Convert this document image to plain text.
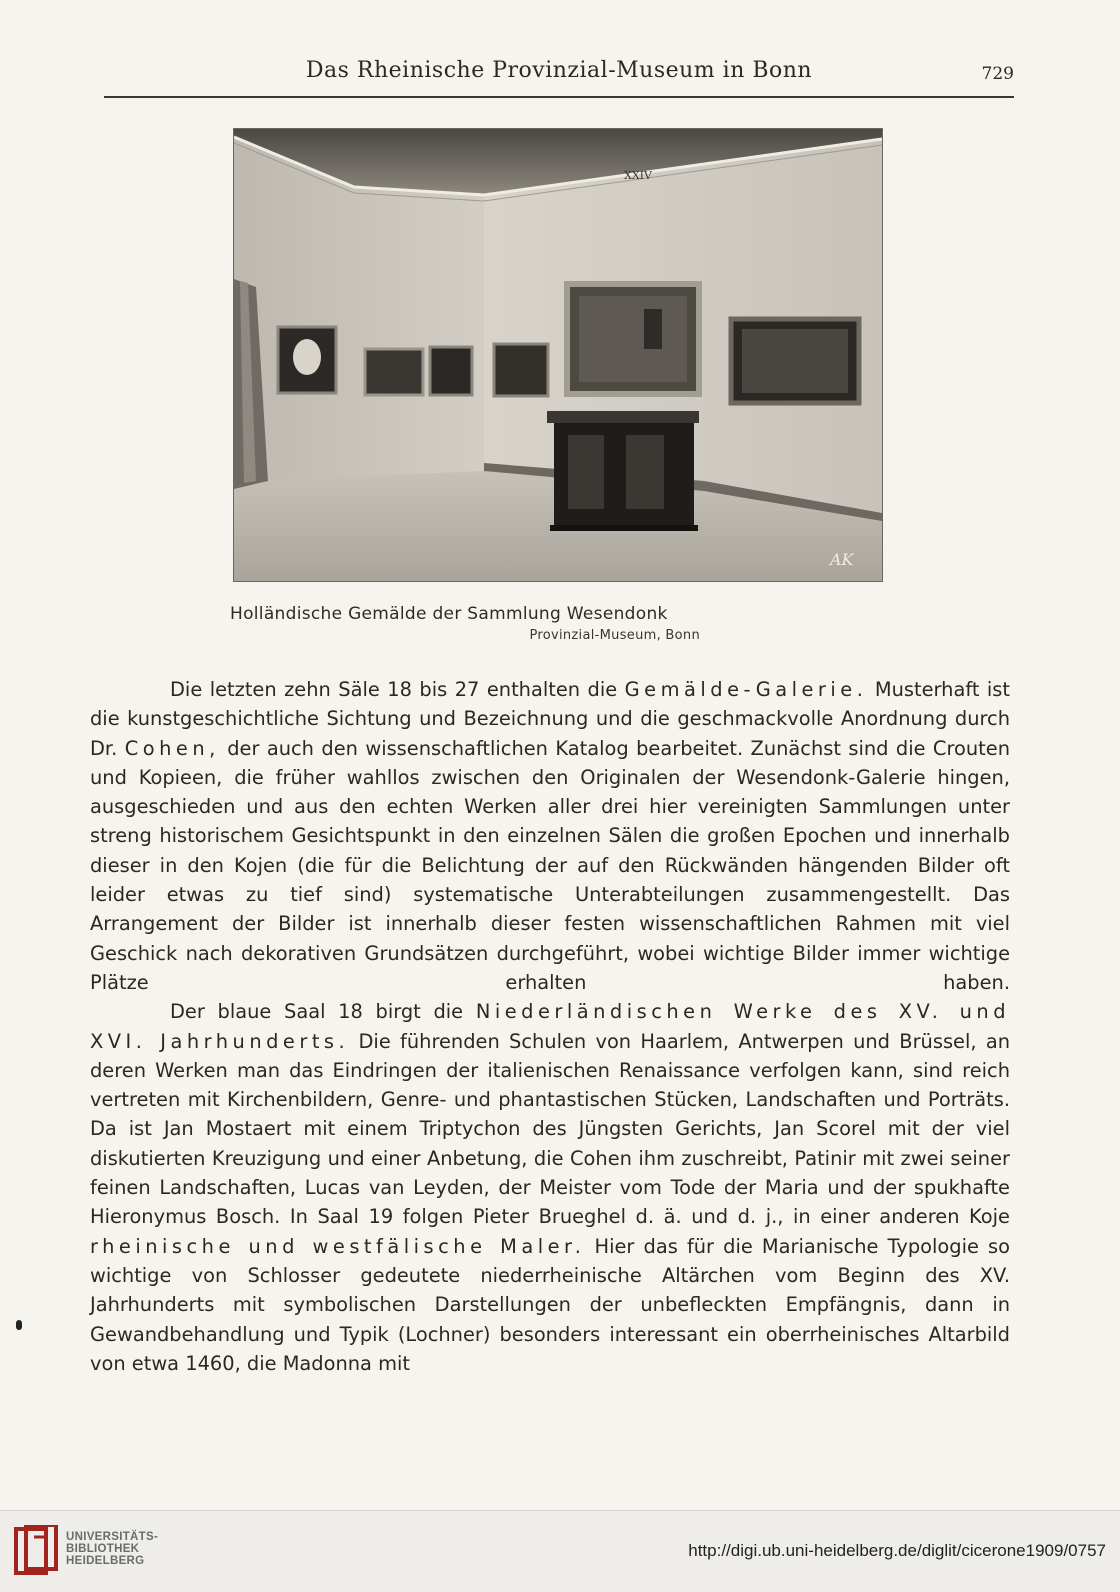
Das Rheinische Provinzial-Museum in Bonn	729
XXIV
AK
Holländische Gemälde der Sammlung Wesendonk
Provinzial-Museum, Bonn

Die letzten zehn Säle 18 bis 27 enthalten die Gemälde-Galerie. Musterhaft ist die kunstgeschichtliche Sichtung und Bezeichnung und die geschmackvolle Anordnung durch Dr. Cohen, der auch den wissenschaftlichen Katalog bearbeitet. Zunächst sind die Crouten und Kopieen, die früher wahllos zwischen den Originalen der Wesendonk-Galerie hingen, ausgeschieden und aus den echten Werken aller drei hier vereinigten Sammlungen unter streng historischem Gesichtspunkt in den einzelnen Sälen die großen Epochen und innerhalb dieser in den Kojen (die für die Belichtung der auf den Rückwänden hängenden Bilder oft leider etwas zu tief sind) systematische Unterabteilungen zusammengestellt. Das Arrangement der Bilder ist innerhalb dieser festen wissenschaftlichen Rahmen mit viel Geschick nach dekorativen Grundsätzen durchgeführt, wobei wichtige Bilder immer wichtige Plätze erhalten haben.

Der blaue Saal 18 birgt die Niederländischen Werke des XV. und XVI. Jahrhunderts. Die führenden Schulen von Haarlem, Antwerpen und Brüssel, an deren Werken man das Eindringen der italienischen Renaissance verfolgen kann, sind reich vertreten mit Kirchenbildern, Genre- und phantastischen Stücken, Landschaften und Porträts. Da ist Jan Mostaert mit einem Triptychon des Jüngsten Gerichts, Jan Scorel mit der viel diskutierten Kreuzigung und einer Anbetung, die Cohen ihm zuschreibt, Patinir mit zwei seiner feinen Landschaften, Lucas van Leyden, der Meister vom Tode der Maria und der spukhafte Hieronymus Bosch. In Saal 19 folgen Pieter Brueghel d. ä. und d. j., in einer anderen Koje rheinische und westfälische Maler. Hier das für die Marianische Typologie so wichtige von Schlosser gedeutete niederrheinische Altärchen vom Beginn des XV. Jahrhunderts mit symbolischen Darstellungen der unbefleckten Empfängnis, dann in Gewandbehandlung und Typik (Lochner) besonders interessant ein oberrheinisches Altarbild von etwa 1460, die Madonna mit

UNIVERSITÄTS-
BIBLIOTHEK
HEIDELBERG
http://digi.ub.uni-heidelberg.de/diglit/cicerone1909/0757
